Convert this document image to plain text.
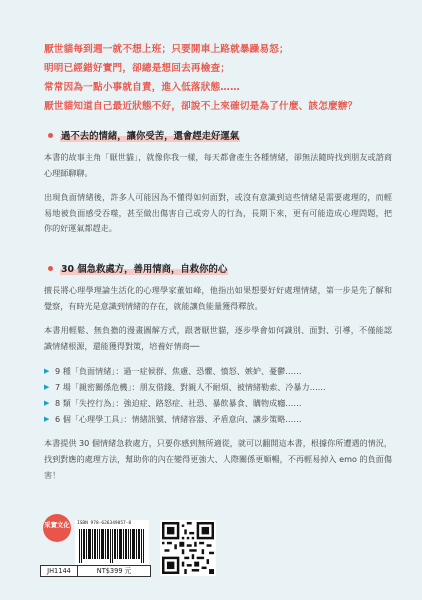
厭世貓每到週一就不想上班；只要開車上路就暴躁易怒；
明明已經錯好實門，卻總是想回去再檢查；
常常因為一點小事就自責，進入低落狀態……
厭世貓知道自己最近狀態不好，卻說不上來確切是為了什麼、該怎麼辦？
過不去的情緒，讓你受苦，還會趕走好運氣

本書的故事主角「厭世貓」，就像你我一樣，每天都會產生各種情緒，卻無法隨時找到朋友或諮商心理師聊聊。

出現負面情緒後，許多人可能因為不懂得如何面對，或沒有意識到這些情緒是需要處理的，而輕易地被負面感受吞噬，甚至做出傷害自己或旁人的行為，長期下來，更有可能造成心理問題，把你的好運氣都趕走。

30 個急救處方，善用情商，自救你的心

擅長將心理學理論生活化的心理學家董如峰，他指出如果想要好好處理情緒，第一步是先了解和覺察，有時光是意識到情緒的存在，就能讓負能量獲得釋放。

本書用輕鬆、無負擔的漫畫圖解方式，跟著厭世貓，逐步學會如何識別、面對、引導，不僅能認識情緒根源，還能獲得對策，培養好情商──

▶ 9 種「負面情緒」：過一症候群、焦慮、恐懼、憤怒、嫉妒、憂鬱……
▶ 7 場「親密關係危機」：朋友借錢、對親人不耐煩、被情緒勒索、冷暴力……
▶ 8 類「失控行為」：強迫症、路怒症、社恐、暴飲暴食、購物成癮……
▶ 6 個「心理學工具」：情緒訊號、情緒容器、矛盾意向、讓步策略……

本書提供 30 個情緒急救處方，只要你感到無所適從，就可以翻開這本書，根據你所遭遇的情況，找到對應的處理方法，幫助你的內在變得更強大、人際關係更順暢，不再輕易掉入 emo 的負面傷害！

采實文化	ISBN 978-626349057-0
JH1144	NT$399 元
